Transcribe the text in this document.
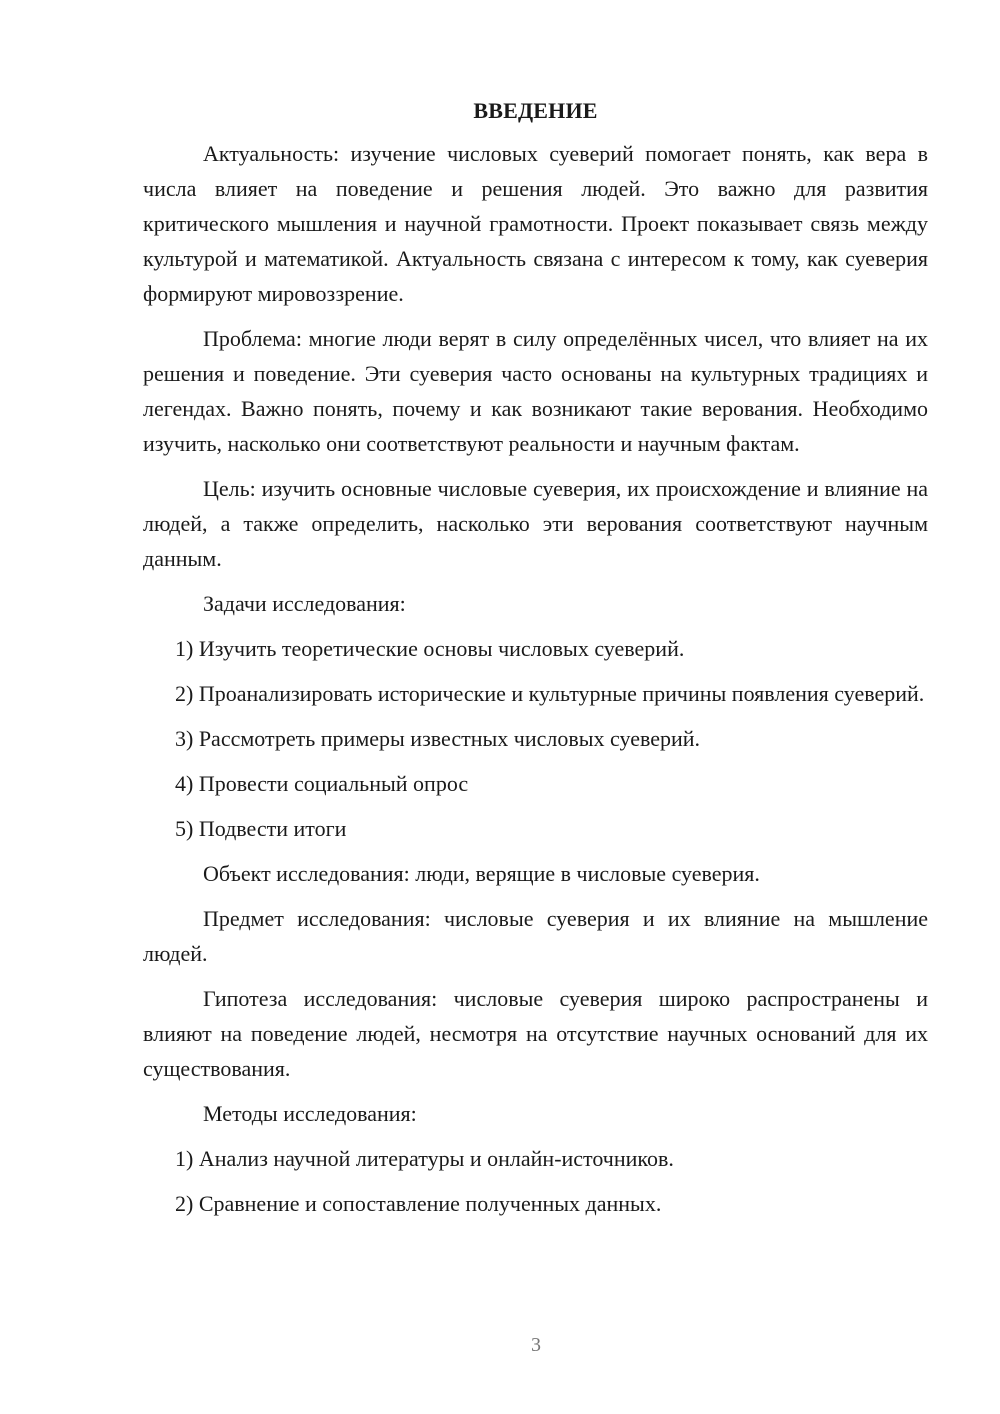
ВВЕДЕНИЕ

Актуальность: изучение числовых суеверий помогает понять, как вера в числа влияет на поведение и решения людей. Это важно для развития критического мышления и научной грамотности. Проект показывает связь между культурой и математикой. Актуальность связана с интересом к тому, как суеверия формируют мировоззрение.

Проблема: многие люди верят в силу определённых чисел, что влияет на их решения и поведение. Эти суеверия часто основаны на культурных традициях и легендах. Важно понять, почему и как возникают такие верования. Необходимо изучить, насколько они соответствуют реальности и научным фактам.

Цель: изучить основные числовые суеверия, их происхождение и влияние на людей, а также определить, насколько эти верования соответствуют научным данным.

Задачи исследования:

1) Изучить теоретические основы числовых суеверий.

2) Проанализировать исторические и культурные причины появления суеверий.

3) Рассмотреть примеры известных числовых суеверий.

4) Провести социальный опрос

5) Подвести итоги

Объект исследования: люди, верящие в числовые суеверия.

Предмет исследования: числовые суеверия и их влияние на мышление людей.

Гипотеза исследования: числовые суеверия широко распространены и влияют на поведение людей, несмотря на отсутствие научных оснований для их существования.

Методы исследования:

1) Анализ научной литературы и онлайн-источников.

2) Сравнение и сопоставление полученных данных.

3
